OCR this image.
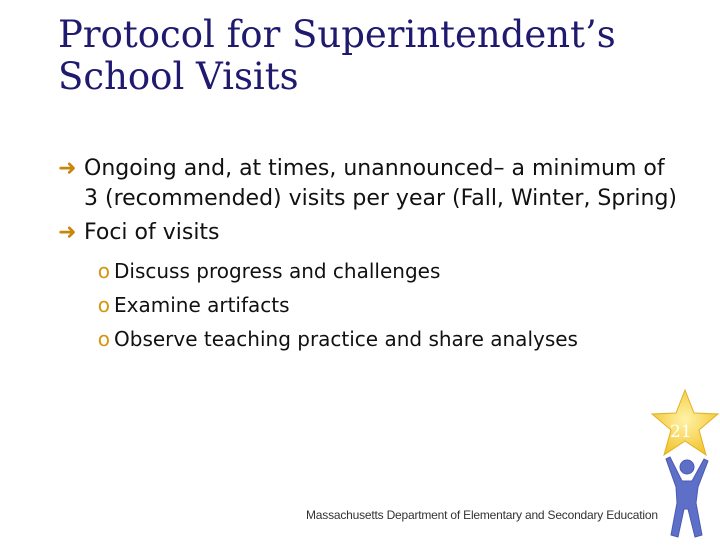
Protocol for Superintendent’s
School Visits
➜ Ongoing and, at times, unannounced– a minimum of 3 (recommended) visits per year (Fall, Winter, Spring)
➜ Foci of visits
o Discuss progress and challenges
o Examine artifacts
o Observe teaching practice and share analyses
21
Massachusetts Department of Elementary and Secondary Education
